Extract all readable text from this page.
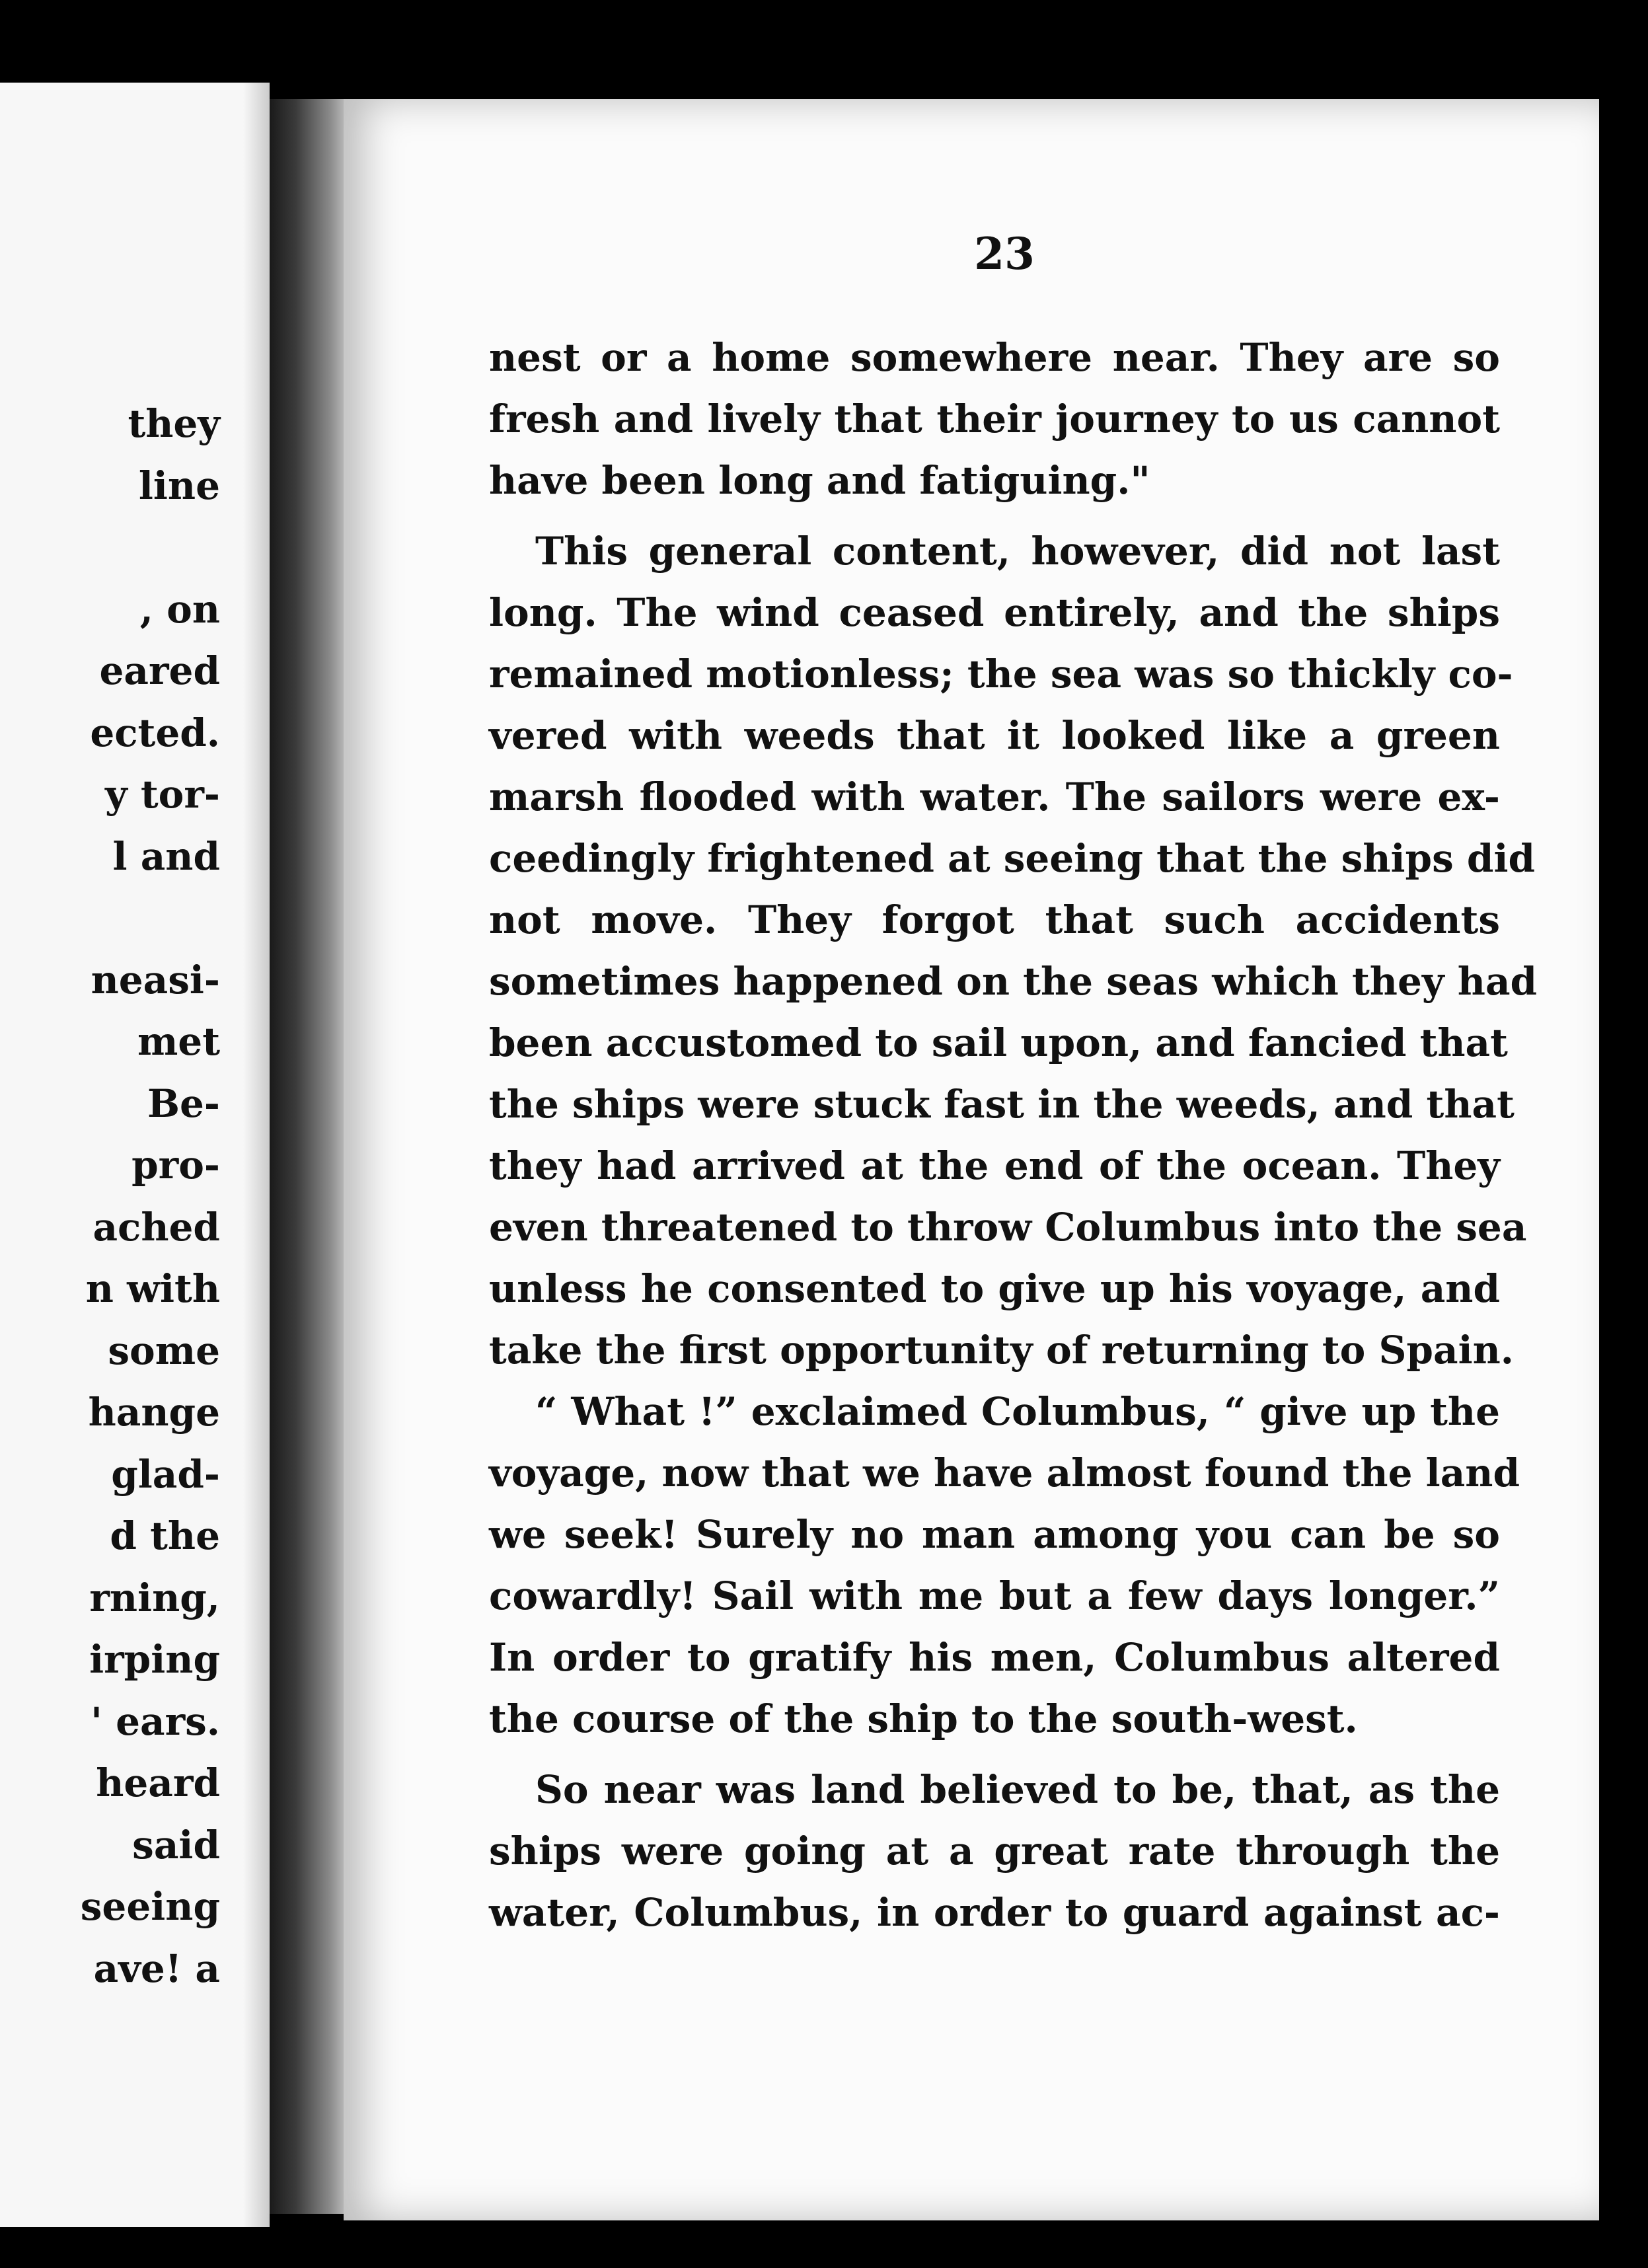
they
line

, on
eared
ected.
y tor-
l and

neasi-
met
Be-
pro-
ached
n with
some
hange
glad-
d the
rning,
irping
' ears.
heard
said
seeing
ave! a

23

nest or a home somewhere near. They are so
fresh and lively that their journey to us cannot
have been long and fatiguing."
This general content, however, did not last
long. The wind ceased entirely, and the ships
remained motionless; the sea was so thickly co-
vered with weeds that it looked like a green
marsh flooded with water. The sailors were ex-
ceedingly frightened at seeing that the ships did
not move. They forgot that such accidents
sometimes happened on the seas which they had
been accustomed to sail upon, and fancied that
the ships were stuck fast in the weeds, and that
they had arrived at the end of the ocean. They
even threatened to throw Columbus into the sea
unless he consented to give up his voyage, and
take the first opportunity of returning to Spain.
“ What !” exclaimed Columbus, “ give up the
voyage, now that we have almost found the land
we seek! Surely no man among you can be so
cowardly! Sail with me but a few days longer.”
In order to gratify his men, Columbus altered
the course of the ship to the south-west.
So near was land believed to be, that, as the
ships were going at a great rate through the
water, Columbus, in order to guard against ac-
